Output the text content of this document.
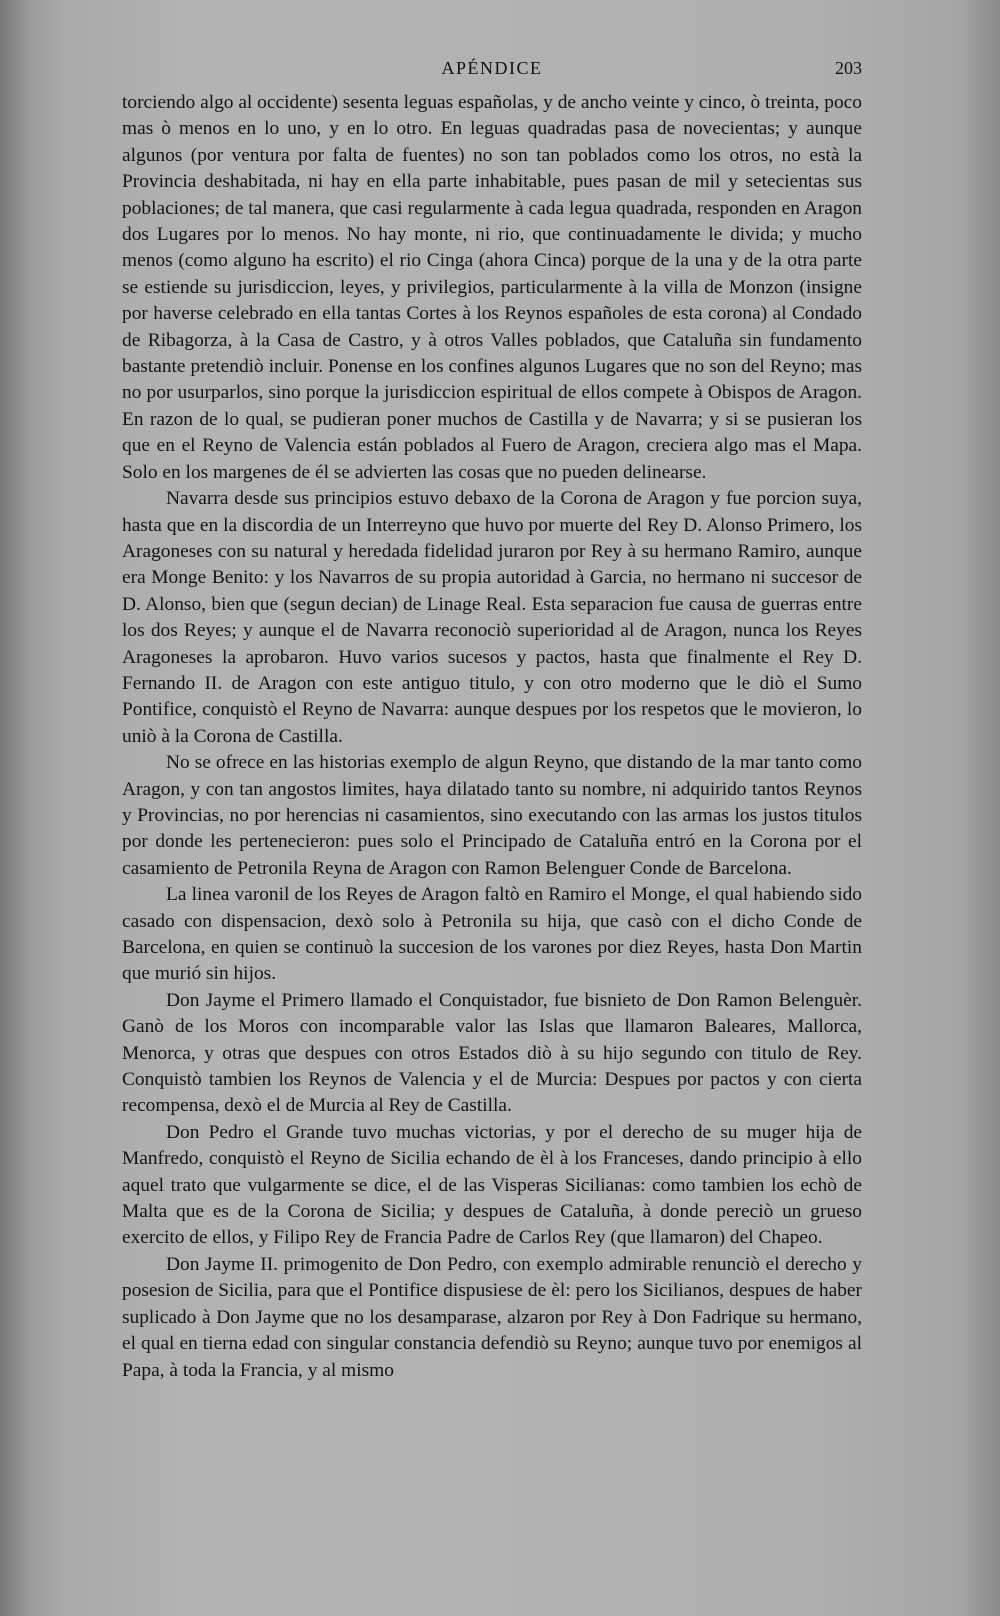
APÉNDICE	203

torciendo algo al occidente) sesenta leguas españolas, y de ancho veinte y cinco, ò treinta, poco mas ò menos en lo uno, y en lo otro. En leguas quadradas pasa de novecientas; y aunque algunos (por ventura por falta de fuentes) no son tan poblados como los otros, no està la Provincia deshabitada, ni hay en ella parte inhabitable, pues pasan de mil y setecientas sus poblaciones; de tal manera, que casi regularmente à cada legua quadrada, responden en Aragon dos Lugares por lo menos. No hay monte, ni rio, que continuadamente le divida; y mucho menos (como alguno ha escrito) el rio Cinga (ahora Cinca) porque de la una y de la otra parte se estiende su jurisdiccion, leyes, y privilegios, particularmente à la villa de Monzon (insigne por haverse celebrado en ella tantas Cortes à los Reynos españoles de esta corona) al Condado de Ribagorza, à la Casa de Castro, y à otros Valles poblados, que Cataluña sin fundamento bastante pretendiò incluir. Ponense en los confines algunos Lugares que no son del Reyno; mas no por usurparlos, sino porque la jurisdiccion espiritual de ellos compete à Obispos de Aragon. En razon de lo qual, se pudieran poner muchos de Castilla y de Navarra; y si se pusieran los que en el Reyno de Valencia están poblados al Fuero de Aragon, creciera algo mas el Mapa. Solo en los margenes de él se advierten las cosas que no pueden delinearse.

Navarra desde sus principios estuvo debaxo de la Corona de Aragon y fue porcion suya, hasta que en la discordia de un Interreyno que huvo por muerte del Rey D. Alonso Primero, los Aragoneses con su natural y heredada fidelidad juraron por Rey à su hermano Ramiro, aunque era Monge Benito: y los Navarros de su propia autoridad à Garcia, no hermano ni succesor de D. Alonso, bien que (segun decian) de Linage Real. Esta separacion fue causa de guerras entre los dos Reyes; y aunque el de Navarra reconociò superioridad al de Aragon, nunca los Reyes Aragoneses la aprobaron. Huvo varios sucesos y pactos, hasta que finalmente el Rey D. Fernando II. de Aragon con este antiguo titulo, y con otro moderno que le diò el Sumo Pontifice, conquistò el Reyno de Navarra: aunque despues por los respetos que le movieron, lo uniò à la Corona de Castilla.

No se ofrece en las historias exemplo de algun Reyno, que distando de la mar tanto como Aragon, y con tan angostos limites, haya dilatado tanto su nombre, ni adquirido tantos Reynos y Provincias, no por herencias ni casamientos, sino executando con las armas los justos titulos por donde les pertenecieron: pues solo el Principado de Cataluña entró en la Corona por el casamiento de Petronila Reyna de Aragon con Ramon Belenguer Conde de Barcelona.

La linea varonil de los Reyes de Aragon faltò en Ramiro el Monge, el qual habiendo sido casado con dispensacion, dexò solo à Petronila su hija, que casò con el dicho Conde de Barcelona, en quien se continuò la succesion de los varones por diez Reyes, hasta Don Martin que murió sin hijos.

Don Jayme el Primero llamado el Conquistador, fue bisnieto de Don Ramon Belenguèr. Ganò de los Moros con incomparable valor las Islas que llamaron Baleares, Mallorca, Menorca, y otras que despues con otros Estados diò à su hijo segundo con titulo de Rey. Conquistò tambien los Reynos de Valencia y el de Murcia: Despues por pactos y con cierta recompensa, dexò el de Murcia al Rey de Castilla.

Don Pedro el Grande tuvo muchas victorias, y por el derecho de su muger hija de Manfredo, conquistò el Reyno de Sicilia echando de èl à los Franceses, dando principio à ello aquel trato que vulgarmente se dice, el de las Visperas Sicilianas: como tambien los echò de Malta que es de la Corona de Sicilia; y despues de Cataluña, à donde pereciò un grueso exercito de ellos, y Filipo Rey de Francia Padre de Carlos Rey (que llamaron) del Chapeo.

Don Jayme II. primogenito de Don Pedro, con exemplo admirable renunciò el derecho y posesion de Sicilia, para que el Pontifice dispusiese de èl: pero los Sicilianos, despues de haber suplicado à Don Jayme que no los desamparase, alzaron por Rey à Don Fadrique su hermano, el qual en tierna edad con singular constancia defendiò su Reyno; aunque tuvo por enemigos al Papa, à toda la Francia, y al mismo
